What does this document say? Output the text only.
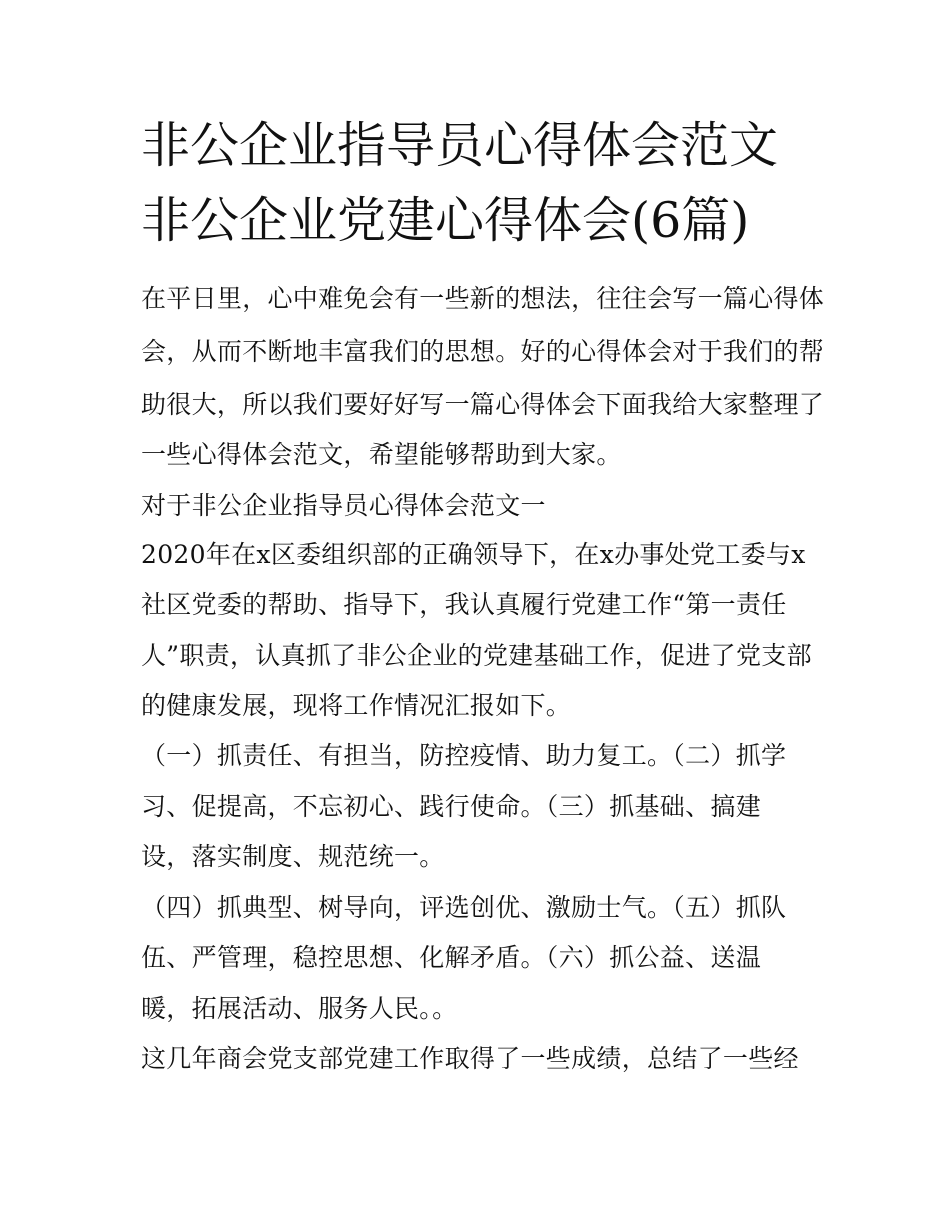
非公企业指导员心得体会范文
非公企业党建心得体会(6篇)
在平日里，心中难免会有一些新的想法，往往会写一篇心得体
会，从而不断地丰富我们的思想。好的心得体会对于我们的帮
助很大，所以我们要好好写一篇心得体会下面我给大家整理了
一些心得体会范文，希望能够帮助到大家。
对于非公企业指导员心得体会范文一
2020年在x区委组织部的正确领导下，在x办事处党工委与x
社区党委的帮助、指导下，我认真履行党建工作“第一责任
人”职责，认真抓了非公企业的党建基础工作，促进了党支部
的健康发展，现将工作情况汇报如下。
（一）抓责任、有担当，防控疫情、助力复工。（二）抓学
习、促提高，不忘初心、践行使命。（三）抓基础、搞建
设，落实制度、规范统一。
（四）抓典型、树导向，评选创优、激励士气。（五）抓队
伍、严管理，稳控思想、化解矛盾。（六）抓公益、送温
暖，拓展活动、服务人民。。
这几年商会党支部党建工作取得了一些成绩，总结了一些经
